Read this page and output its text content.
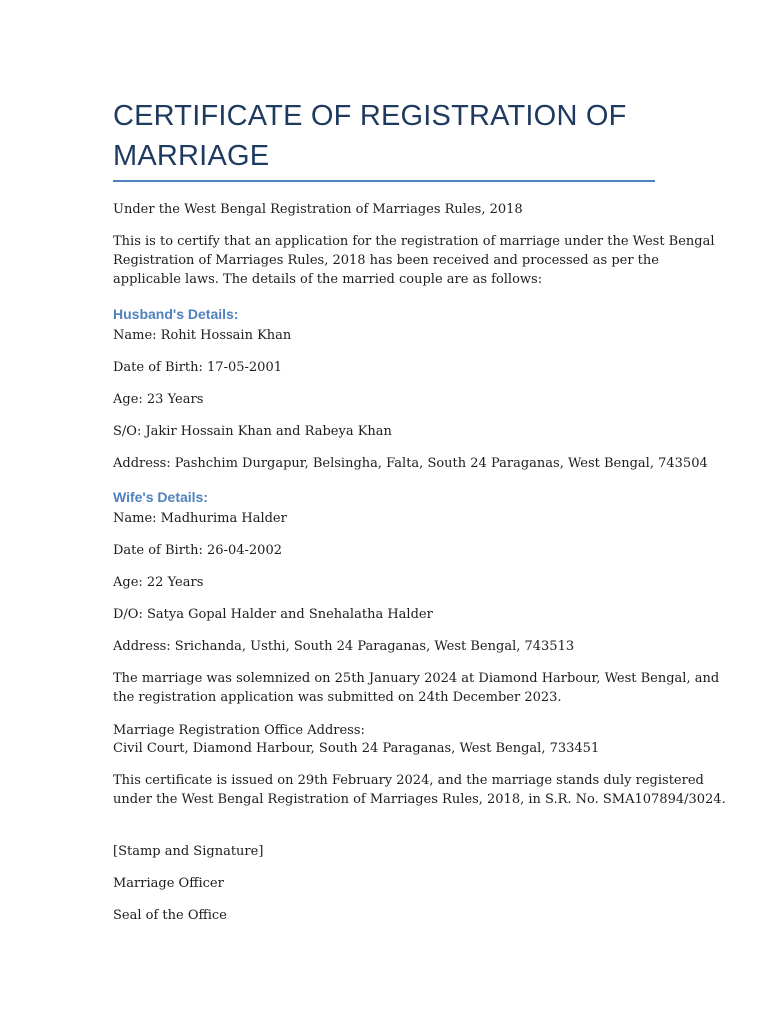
CERTIFICATE OF REGISTRATION OF MARRIAGE

Under the West Bengal Registration of Marriages Rules, 2018

This is to certify that an application for the registration of marriage under the West Bengal

Registration of Marriages Rules, 2018 has been received and processed as per the

applicable laws. The details of the married couple are as follows:

Husband's Details:

Name: Rohit Hossain Khan

Date of Birth: 17-05-2001

Age: 23 Years

S/O: Jakir Hossain Khan and Rabeya Khan

Address: Pashchim Durgapur, Belsingha, Falta, South 24 Paraganas, West Bengal, 743504

Wife's Details:

Name: Madhurima Halder

Date of Birth: 26-04-2002

Age: 22 Years

D/O: Satya Gopal Halder and Snehalatha Halder

Address: Srichanda, Usthi, South 24 Paraganas, West Bengal, 743513

The marriage was solemnized on 25th January 2024 at Diamond Harbour, West Bengal, and

the registration application was submitted on 24th December 2023.

Marriage Registration Office Address:

Civil Court, Diamond Harbour, South 24 Paraganas, West Bengal, 733451

This certificate is issued on 29th February 2024, and the marriage stands duly registered

under the West Bengal Registration of Marriages Rules, 2018, in S.R. No. SMA107894/3024.

[Stamp and Signature]

Marriage Officer

Seal of the Office
